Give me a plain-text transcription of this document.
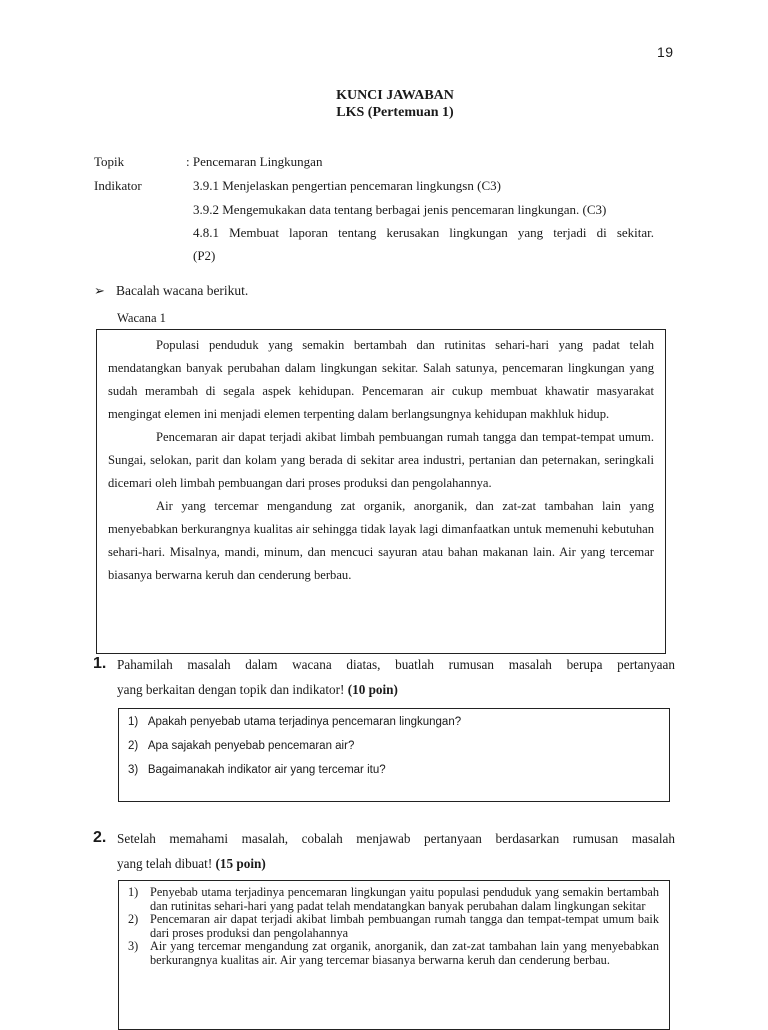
19
KUNCI JAWABAN
LKS (Pertemuan 1)
Topik	: Pencemaran Lingkungan
Indikator	3.9.1 Menjelaskan pengertian pencemaran lingkungsn (C3)
3.9.2 Mengemukakan data tentang berbagai jenis pencemaran lingkungan. (C3)
4.8.1 Membuat laporan tentang kerusakan lingkungan yang terjadi di sekitar.
(P2)
➢ Bacalah wacana berikut.
Wacana 1

Populasi penduduk yang semakin bertambah dan rutinitas sehari-hari yang padat telah mendatangkan banyak perubahan dalam lingkungan sekitar. Salah satunya, pencemaran lingkungan yang sudah merambah di segala aspek kehidupan. Pencemaran air cukup membuat khawatir masyarakat mengingat elemen ini menjadi elemen terpenting dalam berlangsungnya kehidupan makhluk hidup.

Pencemaran air dapat terjadi akibat limbah pembuangan rumah tangga dan tempat-tempat umum. Sungai, selokan, parit dan kolam yang berada di sekitar area industri, pertanian dan peternakan, seringkali dicemari oleh limbah pembuangan dari proses produksi dan pengolahannya.

Air yang tercemar mengandung zat organik, anorganik, dan zat-zat tambahan lain yang menyebabkan berkurangnya kualitas air sehingga tidak layak lagi dimanfaatkan untuk memenuhi kebutuhan sehari-hari. Misalnya, mandi, minum, dan mencuci sayuran atau bahan makanan lain. Air yang tercemar biasanya berwarna keruh dan cenderung berbau.

1. Pahamilah masalah dalam wacana diatas, buatlah rumusan masalah berupa pertanyaan
yang berkaitan dengan topik dan indikator! (10 poin)
1) Apakah penyebab utama terjadinya pencemaran lingkungan?
2) Apa sajakah penyebab pencemaran air?
3) Bagaimanakah indikator air yang tercemar itu?
2. Setelah memahami masalah, cobalah menjawab pertanyaan berdasarkan rumusan masalah
yang telah dibuat! (15 poin)
1) Penyebab utama terjadinya pencemaran lingkungan yaitu populasi penduduk yang semakin bertambah dan rutinitas sehari-hari yang padat telah mendatangkan banyak perubahan dalam lingkungan sekitar
2) Pencemaran air dapat terjadi akibat limbah pembuangan rumah tangga dan tempat-tempat umum baik dari proses produksi dan pengolahannya
3) Air yang tercemar mengandung zat organik, anorganik, dan zat-zat tambahan lain yang menyebabkan berkurangnya kualitas air. Air yang tercemar biasanya berwarna keruh dan cenderung berbau.
